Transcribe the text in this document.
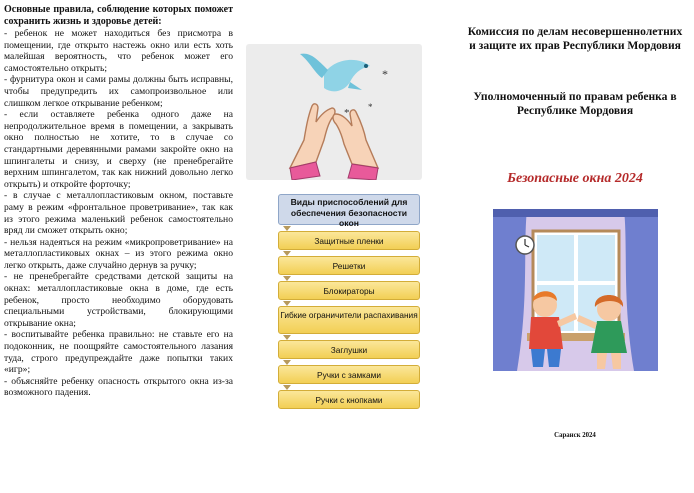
Основные правила, соблюдение которых поможет сохранить жизнь и здоровье детей:

- ребенок не может находиться без присмотра в помещении, где открыто настежь окно или есть хоть малейшая вероятность, что ребенок может его самостоятельно открыть;

- фурнитура окон и сами рамы должны быть исправны, чтобы предупредить их самопроизвольное или слишком легкое открывание ребенком;

- если оставляете ребенка одного даже на непродолжительное время в помещении, а закрывать окно полностью не хотите, то в случае со стандартными деревянными рамами закройте окно на шпингалеты и снизу, и сверху (не пренебрегайте верхним шпингалетом, так как нижний довольно легко открыть) и откройте форточку;

- в случае с металлопластиковым окном, поставьте раму в режим «фронтальное проветривание», так как из этого режима маленький ребенок самостоятельно вряд ли сможет открыть окно;

- нельзя надеяться на режим «микропроветривание» на металлопластиковых окнах – из этого режима окно легко открыть, даже случайно дернув за ручку;

- не пренебрегайте средствами детской защиты на окнах: металлопластиковые окна в доме, где есть ребенок, просто необходимо оборудовать специальными устройствами, блокирующими открывание окна;

- воспитывайте ребенка правильно: не ставьте его на подоконник, не поощряйте самостоятельного лазания туда, строго предупреждайте даже попытки таких «игр»;

- объясняйте ребенку опасность открытого окна из-за возможного падения.

*
*
*
Виды приспособлений для обеспечения безопасности окон
Защитные пленки
Решетки
Блокираторы
Гибкие ограничители распахивания
Заглушки
Ручки с замками
Ручки с кнопками

Комиссия по делам несовершеннолетних и защите их прав Республики Мордовия

Уполномоченный по правам ребенка в Республике Мордовия

Безопасные окна 2024

Саранск 2024
